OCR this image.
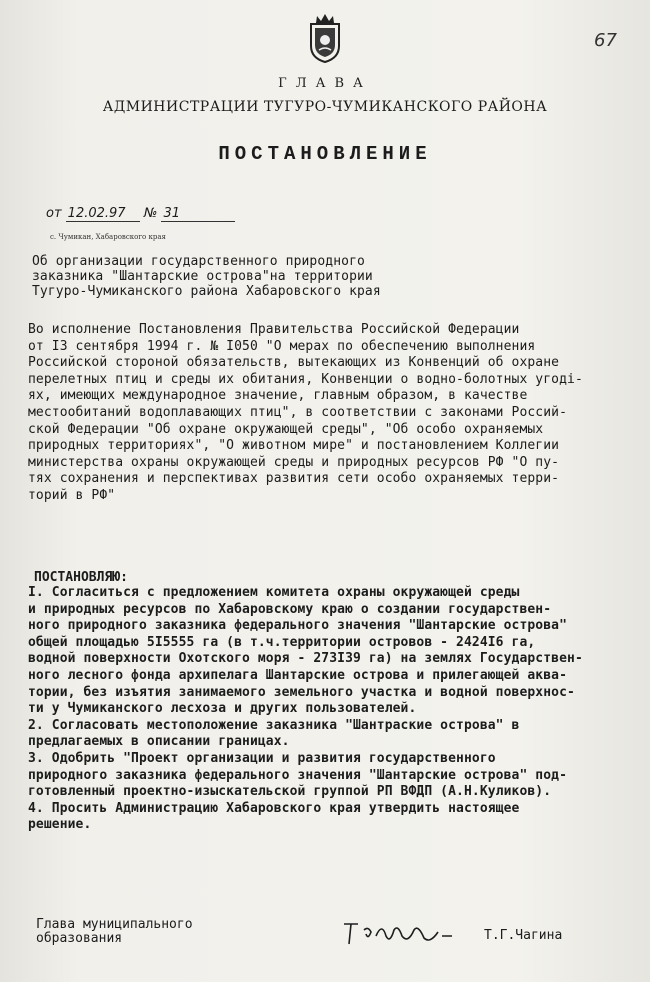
67
ГЛАВА
АДМИНИСТРАЦИИ ТУГУРО-ЧУМИКАНСКОГО РАЙОНА
ПОСТАНОВЛЕНИЕ
от 12.02.97 № 31
с. Чумикан, Хабаровского края
Об организации государственного природного
заказника "Шантарские острова"на территории
Тугуро-Чумиканского района Хабаровского края
Во исполнение Постановления Правительства Российской Федерации
от I3 сентября 1994 г. № I050 "О мерах по обеспечению выполнения
Российской стороной обязательств, вытекающих из Конвенций об охране
перелетных птиц и среды их обитания, Конвенции о водно-болотных угоді-
ях, имеющих международное значение, главным образом, в качестве
местообитаний водоплавающих птиц", в соответствии с законами Россий-
ской Федерации "Об охране окружающей среды", "Об особо охраняемых
природных территориях", "О животном мире" и постановлением Коллегии
министерства охраны окружающей среды и природных ресурсов РФ "О пу-
тях сохранения и перспективах развития сети особо охраняемых терри-
торий в РФ"
ПОСТАНОВЛЯЮ:
I. Согласиться с предложением комитета охраны окружающей среды
и природных ресурсов по Хабаровскому краю о создании государствен-
ного природного заказника федерального значения "Шантарские острова"
общей площадью 5I5555 га (в т.ч.территории островов - 2424I6 га,
водной поверхности Охотского моря - 273I39 га) на землях Государствен-
ного лесного фонда архипелага Шантарские острова и прилегающей аква-
тории, без изъятия занимаемого земельного участка и водной поверхнос-
ти у Чумиканского лесхоза и других пользователей.
2. Согласовать местоположение заказника "Шантраские острова" в
предлагаемых в описании границах.
3. Одобрить "Проект организации и развития государственного
природного заказника федерального значения "Шантарские острова" под-
готовленный проектно-изыскательской группой РП ВФДП (А.Н.Куликов).
4. Просить Администрацию Хабаровского края утвердить настоящее
решение.
Глава муниципального
образования	Т.Г.Чагина
